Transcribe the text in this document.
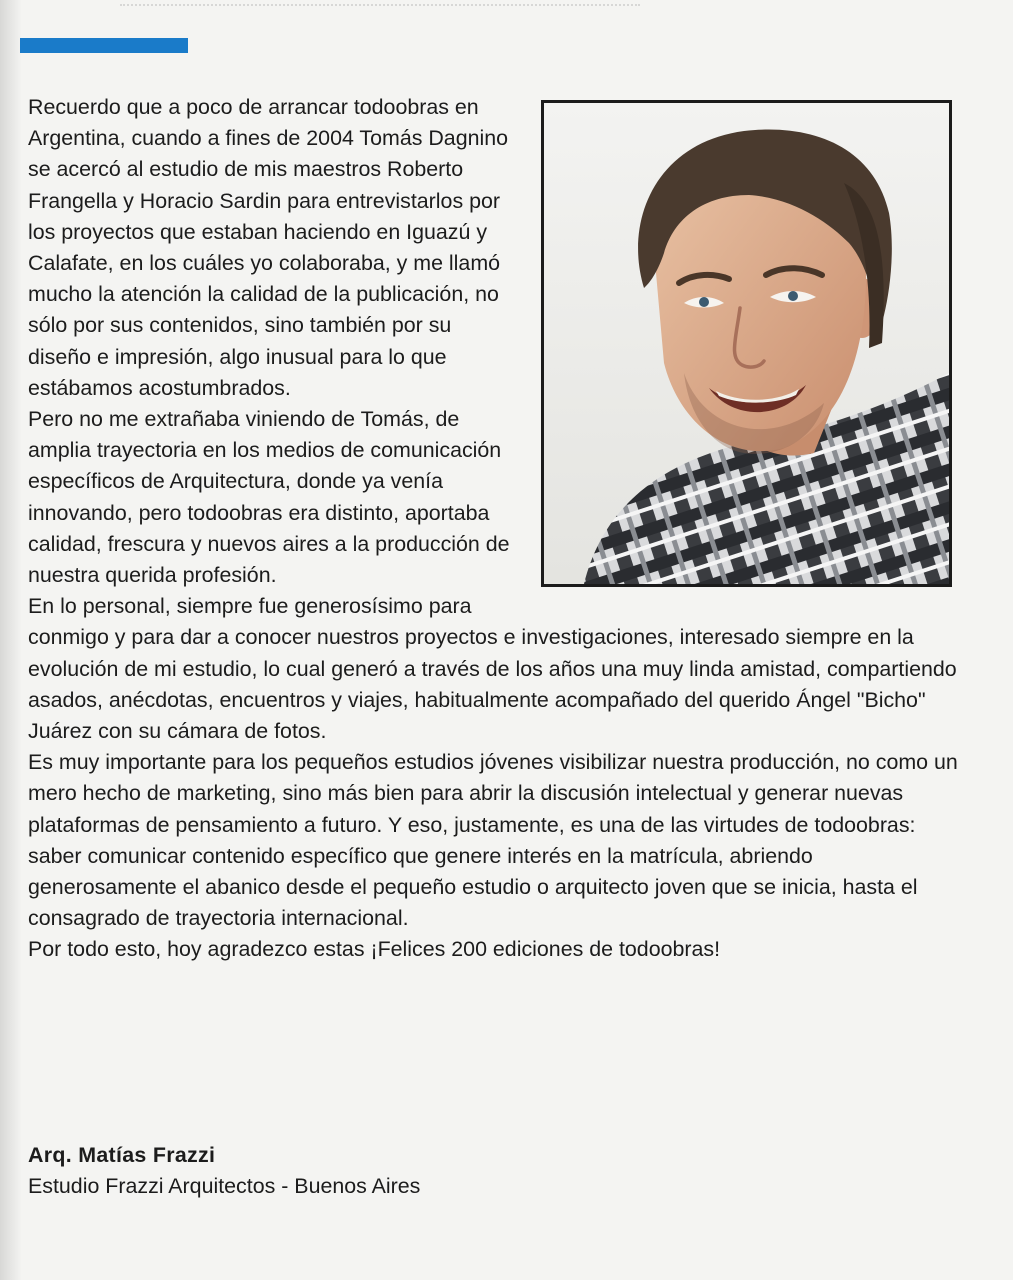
Recuerdo que a poco de arrancar todoobras en Argentina, cuando a fines de 2004 Tomás Dagnino se acercó al estudio de mis maestros Roberto Frangella y Horacio Sardin para entrevistarlos por los proyectos que estaban haciendo en Iguazú y Calafate, en los cuáles yo colaboraba, y me llamó mucho la atención la calidad de la publicación, no sólo por sus contenidos, sino también por su diseño e impresión, algo inusual para lo que estábamos acostumbrados.

Pero no me extrañaba viniendo de Tomás, de amplia trayectoria en los medios de comunicación específicos de Arquitectura, donde ya venía innovando, pero todoobras era distinto, aportaba calidad, frescura y nuevos aires a la producción de nuestra querida profesión.

En lo personal, siempre fue generosísimo para conmigo y para dar a conocer nuestros proyectos e investigaciones, interesado siempre en la evolución de mi estudio, lo cual generó a través de los años una muy linda amistad, compartiendo asados, anécdotas, encuentros y viajes, habitualmente acompañado del querido Ángel "Bicho" Juárez con su cámara de fotos.

Es muy importante para los pequeños estudios jóvenes visibilizar nuestra producción, no como un mero hecho de marketing, sino más bien para abrir la discusión intelectual y generar nuevas plataformas de pensamiento a futuro. Y eso, justamente, es una de las virtudes de todoobras: saber comunicar contenido específico que genere interés en la matrícula, abriendo generosamente el abanico desde el pequeño estudio o arquitecto joven que se inicia, hasta el consagrado de trayectoria internacional.

Por todo esto, hoy agradezco estas ¡Felices 200 ediciones de todoobras!

Arq. Matías Frazzi
Estudio Frazzi Arquitectos - Buenos Aires
